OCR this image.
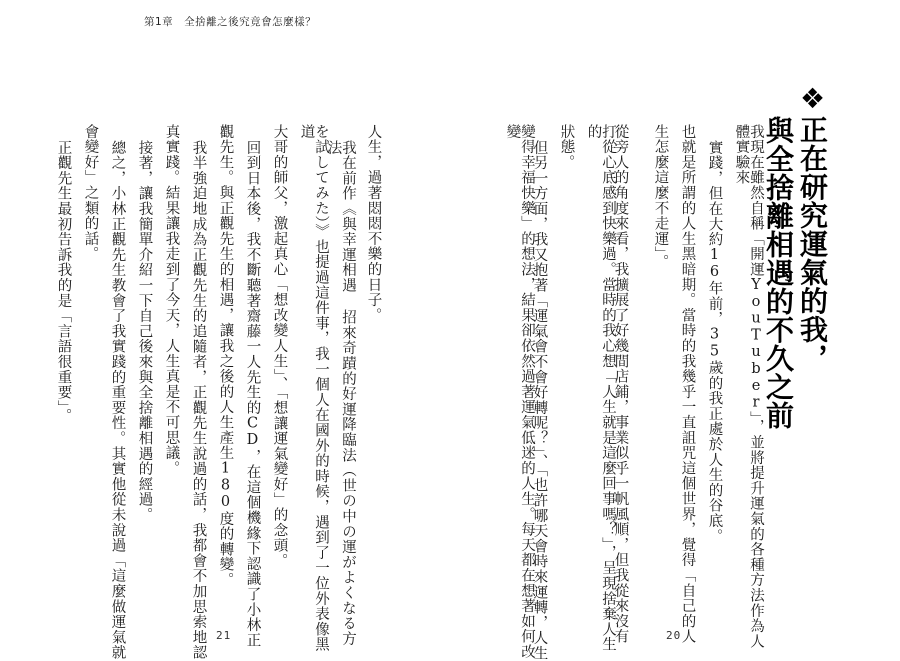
第1章　全捨離之後究竟會怎麼樣？
❖正在研究運氣的我，
與全捨離相遇的不久之前
我現在雖然自稱「開運YouTuber」，並將提升運氣的各種方法作為人體實驗來
實踐，但在大約16年前，35歲的我正處於人生的谷底。
也就是所謂的人生黑暗期。當時的我幾乎一直詛咒這個世界，覺得「自己的人
生怎麼這麼不走運」。
從旁人的角度來看，我擴展了好幾間店鋪，事業似乎一帆風順，但我從來沒有
打從心底感到快樂過。當時的我心想「人生就是這麼回事嗎？」，呈現捨棄人生的
狀態。
但另一方面，我又抱著「運氣會不會好轉呢？」、「也許哪天會時來運轉，人生
變得幸福快樂」的想法，結果卻依然過著運氣低迷的人生。每天都在想著如何改變
人生，過著悶悶不樂的日子。
我在前作《與幸運相遇 招來奇蹟的好運降臨法（世の中の運がよくなる方法
を試してみた）》也提過這件事，我一個人在國外的時候，遇到了一位外表像黑道
大哥的師父，激起真心「想改變人生」、「想讓運氣變好」的念頭。
回到日本後，我不斷聽著齋藤一人先生的CD，在這個機緣下認識了小林正
觀先生。與正觀先生的相遇，讓我之後的人生產生180度的轉變。
我半強迫地成為正觀先生的追隨者，正觀先生說過的話，我都會不加思索地認
真實踐。結果讓我走到了今天，人生真是不可思議。
接著，讓我簡單介紹一下自己後來與全捨離相遇的經過。
總之，小林正觀先生教會了我實踐的重要性。其實他從未說過「這麼做運氣就
會變好」之類的話。
正觀先生最初告訴我的是「言語很重要」。
21	20
